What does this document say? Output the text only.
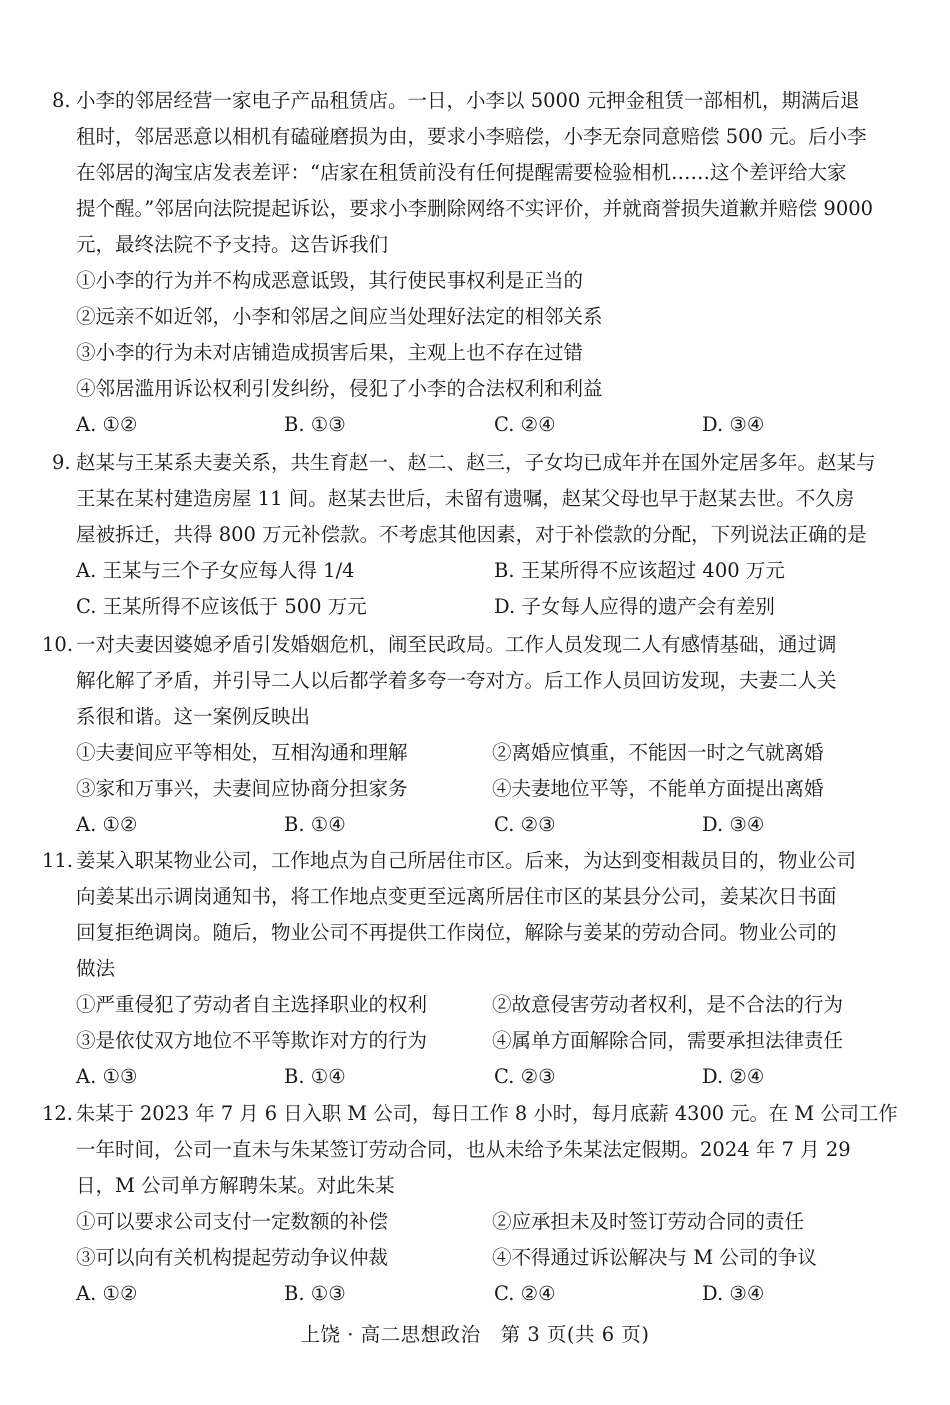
8. 小李的邻居经营一家电子产品租赁店。一日，小李以 5000 元押金租赁一部相机，期满后退
租时，邻居恶意以相机有磕碰磨损为由，要求小李赔偿，小李无奈同意赔偿 500 元。后小李
在邻居的淘宝店发表差评：“店家在租赁前没有任何提醒需要检验相机……这个差评给大家
提个醒。”邻居向法院提起诉讼，要求小李删除网络不实评价，并就商誉损失道歉并赔偿 9000
元，最终法院不予支持。这告诉我们
①小李的行为并不构成恶意诋毁，其行使民事权利是正当的
②远亲不如近邻，小李和邻居之间应当处理好法定的相邻关系
③小李的行为未对店铺造成损害后果，主观上也不存在过错
④邻居滥用诉讼权利引发纠纷，侵犯了小李的合法权利和利益
A. ①②	B. ①③	C. ②④	D. ③④
9. 赵某与王某系夫妻关系，共生育赵一、赵二、赵三，子女均已成年并在国外定居多年。赵某与
王某在某村建造房屋 11 间。赵某去世后，未留有遗嘱，赵某父母也早于赵某去世。不久房
屋被拆迁，共得 800 万元补偿款。不考虑其他因素，对于补偿款的分配，下列说法正确的是
A. 王某与三个子女应每人得 1/4	B. 王某所得不应该超过 400 万元
C. 王某所得不应该低于 500 万元	D. 子女每人应得的遗产会有差别
10. 一对夫妻因婆媳矛盾引发婚姻危机，闹至民政局。工作人员发现二人有感情基础，通过调
解化解了矛盾，并引导二人以后都学着多夸一夸对方。后工作人员回访发现，夫妻二人关
系很和谐。这一案例反映出
①夫妻间应平等相处，互相沟通和理解	②离婚应慎重，不能因一时之气就离婚
③家和万事兴，夫妻间应协商分担家务	④夫妻地位平等，不能单方面提出离婚
A. ①②	B. ①④	C. ②③	D. ③④
11. 姜某入职某物业公司，工作地点为自己所居住市区。后来，为达到变相裁员目的，物业公司
向姜某出示调岗通知书，将工作地点变更至远离所居住市区的某县分公司，姜某次日书面
回复拒绝调岗。随后，物业公司不再提供工作岗位，解除与姜某的劳动合同。物业公司的
做法
①严重侵犯了劳动者自主选择职业的权利	②故意侵害劳动者权利，是不合法的行为
③是依仗双方地位不平等欺诈对方的行为	④属单方面解除合同，需要承担法律责任
A. ①③	B. ①④	C. ②③	D. ②④
12. 朱某于 2023 年 7 月 6 日入职 M 公司，每日工作 8 小时，每月底薪 4300 元。在 M 公司工作
一年时间，公司一直未与朱某签订劳动合同，也从未给予朱某法定假期。2024 年 7 月 29
日，M 公司单方解聘朱某。对此朱某
①可以要求公司支付一定数额的补偿	②应承担未及时签订劳动合同的责任
③可以向有关机构提起劳动争议仲裁	④不得通过诉讼解决与 M 公司的争议
A. ①②	B. ①③	C. ②④	D. ③④
上饶 · 高二思想政治　第 3 页(共 6 页)
